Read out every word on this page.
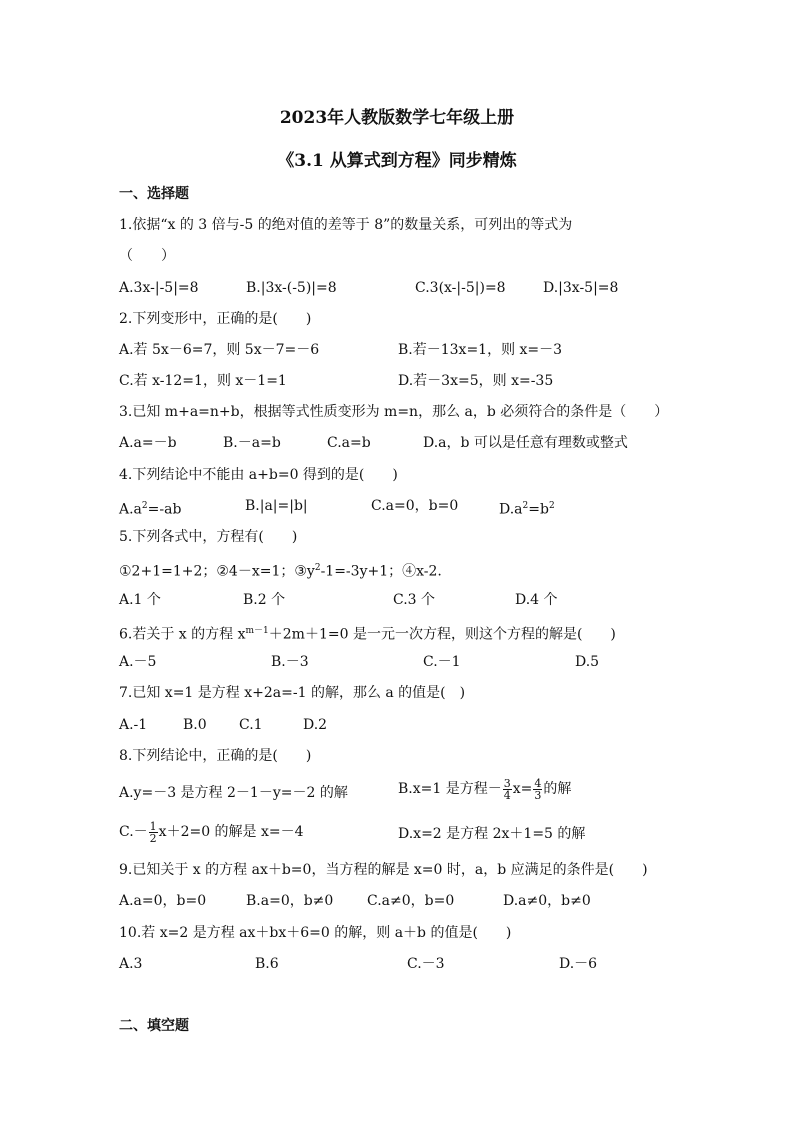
2023年人教版数学七年级上册
《3.1 从算式到方程》同步精炼
一、选择题
1.依据“x 的 3 倍与-5 的绝对值的差等于 8”的数量关系，可列出的等式为
（　　）
A.3x-|-5|=8	B.|3x-(-5)|=8	C.3(x-|-5|)=8	D.|3x-5|=8
2.下列变形中，正确的是(　　)
A.若 5x－6=7，则 5x－7=－6	B.若－13x=1，则 x=－3
C.若 x-12=1，则 x－1=1	D.若－3x=5，则 x=-35
3.已知 m+a=n+b，根据等式性质变形为 m=n，那么 a，b 必须符合的条件是（　　）
A.a=－b	B.－a=b	C.a=b	D.a，b 可以是任意有理数或整式
4.下列结论中不能由 a+b=0 得到的是(　　)
$A.a^2=-ab$	B.|a|=|b|	C.a=0，b=0	$D.a^2=b^2$
5.下列各式中，方程有(　　)
①2+1=1+2；②4－x=1；$③y^2-1=-3y+1$；④x-2.
A.1 个	B.2 个	C.3 个	D.4 个
6.若关于 x 的方程 $x^{m-1}+2m+1=0$ 是一元一次方程，则这个方程的解是(　　)
A.－5	B.－3	C.－1	D.5
7.已知 x=1 是方程 x+2a=-1 的解，那么 a 的值是(　)
A.-1	B.0 C.1	D.2
8.下列结论中，正确的是(　　)
A.y=－3 是方程 2－1－y=－2 的解	B.x=1 是方程－ $\frac{3}{4} x= \frac{4}{3}$ 的解
$C.- \frac{1}{2} x+2=0$ 的解是 x=－4	D.x=2 是方程 2x＋1=5 的解
9.已知关于 x 的方程 ax＋b=0，当方程的解是 x=0 时，a，b 应满足的条件是(　　)
A.a=0，b=0	B.a=0，b≠0 C.a≠0，b=0	D.a≠0，b≠0
10.若 x=2 是方程 ax＋bx＋6=0 的解，则 a＋b 的值是(　　)
A.3	B.6	C.－3	D.－6
二、填空题
